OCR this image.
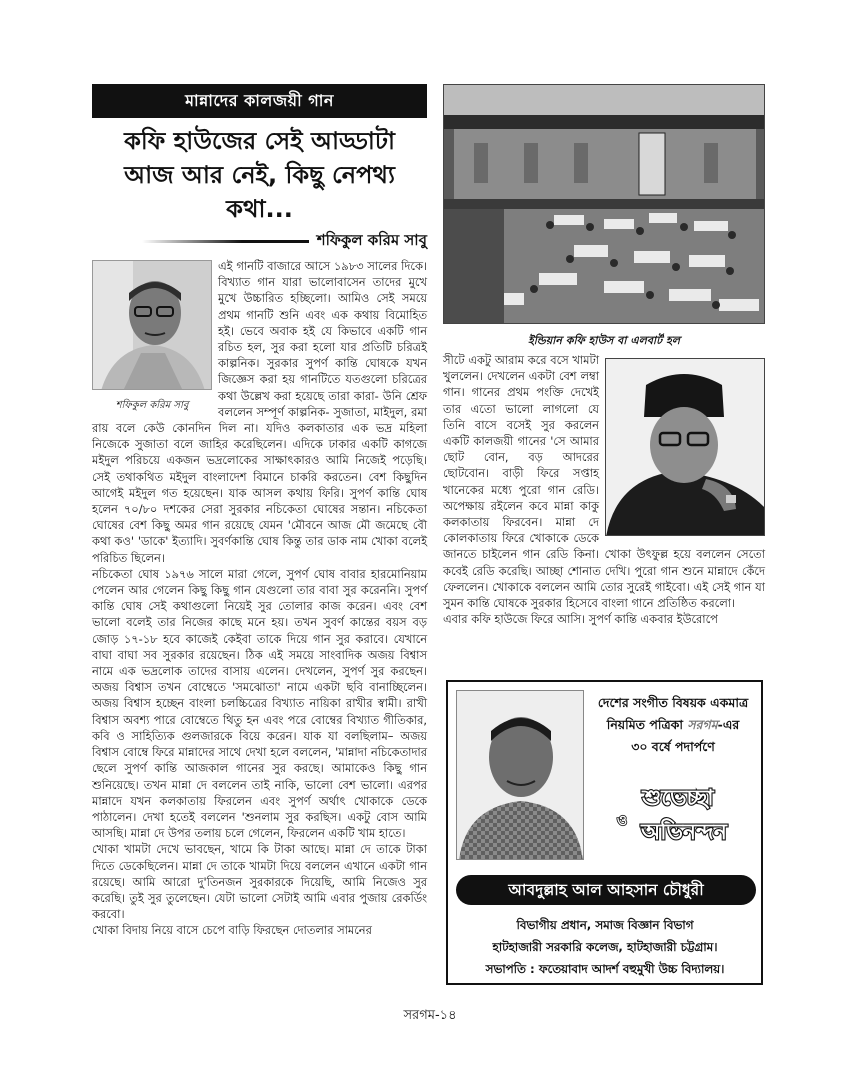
মান্নাদের কালজয়ী গান
কফি হাউজের সেই আড্ডাটা
আজ আর নেই, কিছু নেপথ্য কথা...
শফিকুল করিম সাবু
শফিকুল করিম সাবু

এই গানটি বাজারে আসে ১৯৮৩ সালের দিকে। বিখ্যাত গান যারা ভালোবাসেন তাদের মুখে মুখে উচ্চারিত হচ্ছিলো। আমিও সেই সময়ে প্রথম গানটি শুনি এবং এক কথায় বিমোহিত হই। ভেবে অবাক হই যে কিভাবে একটি গান রচিত হল, সুর করা হলো যার প্রতিটি চরিত্রই কাল্পনিক। সুরকার সুপর্ণ কান্তি ঘোষকে যখন জিজ্ঞেস করা হয় গানটিতে যতগুলো চরিত্রের কথা উল্লেখ করা হয়েছে তারা কারা- উনি শ্রেফ বললেন সম্পূর্ণ কাল্পনিক- সুজাতা, মাইদুল, রমা রায় বলে কেউ কোনদিন দিল না। যদিও কলকাতার এক ভদ্র মহিলা নিজেকে সুজাতা বলে জাহির করেছিলেন। এদিকে ঢাকার একটি কাগজে মইদুল পরিচয়ে একজন ভদ্রলোকের সাক্ষাৎকারও আমি নিজেই পড়েছি। সেই তথাকথিত মইদুল বাংলাদেশ বিমানে চাকরি করতেন। বেশ কিছুদিন আগেই মইদুল গত হয়েছেন। যাক আসল কথায় ফিরি। সুপর্ণ কান্তি ঘোষ হলেন ৭০/৮০ দশকের সেরা সুরকার নচিকেতা ঘোষের সন্তান। নচিকেতা ঘোষের বেশ কিছু অমর গান রয়েছে যেমন 'মৌবনে আজ মৌ জমেছে বৌ কথা কও' 'ডাকে' ইত্যাদি। সুবর্ণকান্তি ঘোষ কিন্তু তার ডাক নাম খোকা বলেই পরিচিত ছিলেন।

নচিকেতা ঘোষ ১৯৭৬ সালে মারা গেলে, সুপর্ণ ঘোষ বাবার হারমোনিয়াম পেলেন আর গেলেন কিছু কিছু গান যেগুলো তার বাবা সুর করেননি। সুপর্ণ কান্তি ঘোষ সেই কথাগুলো নিয়েই সুর তোলার কাজ করেন। এবং বেশ ভালো বলেই তার নিজের কাছে মনে হয়। তখন সুবর্ণ কান্তের বয়স বড় জোড় ১৭-১৮ হবে কাজেই কেইবা তাকে দিয়ে গান সুর করাবে। যেখানে বাঘা বাঘা সব সুরকার রয়েছেন। ঠিক এই সময়ে সাংবাদিক অজয় বিশ্বাস নামে এক ভদ্রলোক তাদের বাসায় এলেন। দেখলেন, সুপর্ণ সুর করছেন। অজয় বিশ্বাস তখন বোম্বেতে 'সমঝোতা' নামে একটা ছবি বানাচ্ছিলেন। অজয় বিশ্বাস হচ্ছেন বাংলা চলচ্চিত্রের বিখ্যাত নায়িকা রাখীর স্বামী। রাখী বিশ্বাস অবশ্য পারে বোম্বেতে থিতু হন এবং পরে বোম্বের বিখ্যাত গীতিকার, কবি ও সাহিত্যিক গুলজারকে বিয়ে করেন। যাক যা বলছিলাম– অজয় বিশ্বাস বোম্বে ফিরে মান্নাদের সাথে দেখা হলে বললেন, 'মান্নাদা নচিকেতাদার ছেলে সুপর্ণ কান্তি আজকাল গানের সুর করছে। আমাকেও কিছু গান শুনিয়েছে। তখন মান্না দে বললেন তাই নাকি, ভালো বেশ ভালো। এরপর মান্নাদে যখন কলকাতায় ফিরলেন এবং সুপর্ণ অর্থাৎ খোকাকে ডেকে পাঠালেন। দেখা হতেই বললেন 'শুনলাম সুর করছিস। একটু বোস আমি আসছি। মান্না দে উপর তলায় চলে গেলেন, ফিরলেন একটি খাম হাতে।

খোকা খামটা দেখে ভাবছেন, খামে কি টাকা আছে। মান্না দে তাকে টাকা দিতে ডেকেছিলেন। মান্না দে তাকে খামটা দিয়ে বললেন এখানে একটা গান রয়েছে। আমি আরো দু'তিনজন সুরকারকে দিয়েছি, আমি নিজেও সুর করেছি। তুই সুর তুলেছেন। যেটা ভালো সেটাই আমি এবার পুজায় রেকর্ডিং করবো।

খোকা বিদায় নিয়ে বাসে চেপে বাড়ি ফিরছেন দোতলার সামনের

ইন্ডিয়ান কফি হাউস বা এলবার্ট হল

সীটে একটু আরাম করে বসে খামটা খুললেন। দেখলেন একটা বেশ লম্বা গান। গানের প্রথম পংক্তি দেখেই তার এতো ভালো লাগলো যে তিনি বাসে বসেই সুর করলেন একটি কালজয়ী গানের 'সে আমার ছোট বোন, বড় আদরের ছোটবোন। বাড়ী ফিরে সপ্তাহ খানেকের মধ্যে পুরো গান রেডি। অপেক্ষায় রইলেন কবে মান্না কাকু কলকাতায় ফিরবেন। মান্না দে কোলকাতায় ফিরে খোকাকে ডেকে জানতে চাইলেন গান রেডি কিনা। খোকা উৎফুল্ল হয়ে বললেন সেতো কবেই রেডি করেছি। আচ্ছা শোনাত দেখি। পুরো গান শুনে মান্নাদে কেঁদে ফেললেন। খোকাকে বললেন আমি তোর সুরেই গাইবো। এই সেই গান যা সুমন কান্তি ঘোষকে সুরকার হিসেবে বাংলা গানে প্রতিষ্ঠিত করলো।

এবার কফি হাউজে ফিরে আসি। সুপর্ণ কান্তি একবার ইউরোপে

দেশের সংগীত বিষয়ক একমাত্র
নিয়মিত পত্রিকা সরগম-এর
৩০ বর্ষে পদার্পণে
শুভেচ্ছা
ও অভিনন্দন
আবদুল্লাহ আল আহসান চৌধুরী
বিভাগীয় প্রধান, সমাজ বিজ্ঞান বিভাগ
হাটহাজারী সরকারি কলেজ, হাটহাজারী চট্টগ্রাম।
সভাপতি : ফতেয়াবাদ আদর্শ বহুমুখী উচ্চ বিদ্যালয়।
সরগম-১৪
